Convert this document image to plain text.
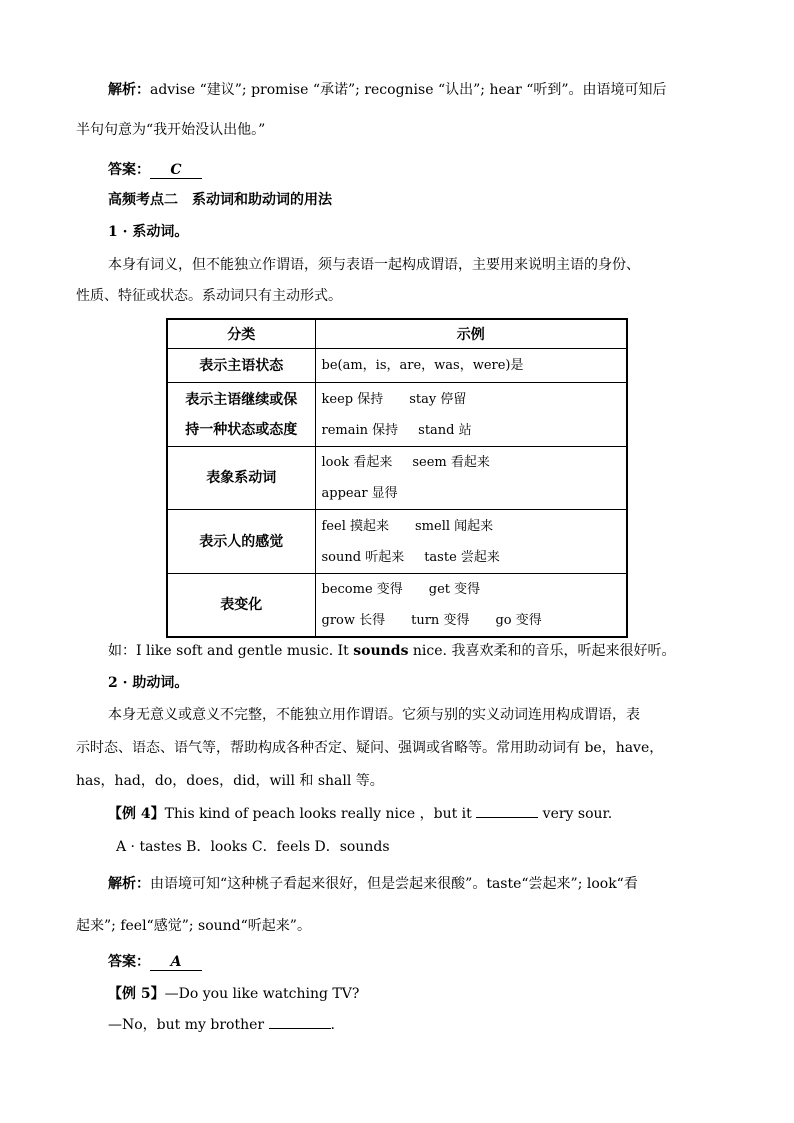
解析：advise “建议”; promise “承诺”; recognise “认出”; hear “听到”。由语境可知后
半句句意为“我开始没认出他。”
答案： C
高频考点二　系动词和助动词的用法
1 · 系动词。
本身有词义，但不能独立作谓语，须与表语一起构成谓语，主要用来说明主语的身份、
性质、特征或状态。系动词只有主动形式。
分类	示例
表示主语状态	be(am，is，are，was，were)是
表示主语继续或保
持一种状态或态度	keep 保持 stay 停留
remain 保持 stand 站
表象系动词	look 看起来 seem 看起来
appear 显得
表示人的感觉	feel 摸起来 smell 闻起来
sound 听起来 taste 尝起来
表变化	become 变得 get 变得
grow 长得 turn 变得 go 变得
如：I like soft and gentle music. It sounds nice. 我喜欢柔和的音乐，听起来很好听。
2 · 助动词。
本身无意义或意义不完整，不能独立用作谓语。它须与别的实义动词连用构成谓语，表
示时态、语态、语气等，帮助构成各种否定、疑问、强调或省略等。常用助动词有 be，have，
has，had，do，does，did，will 和 shall 等。
【例 4】This kind of peach looks really nice ，but it	very sour.
A · tastes B．looks C．feels D．sounds
解析：由语境可知“这种桃子看起来很好，但是尝起来很酸”。taste“尝起来”; look“看
起来”; feel“感觉”; sound“听起来”。
答案： A
【例 5】—Do you like watching TV?
—No，but my brother	.
